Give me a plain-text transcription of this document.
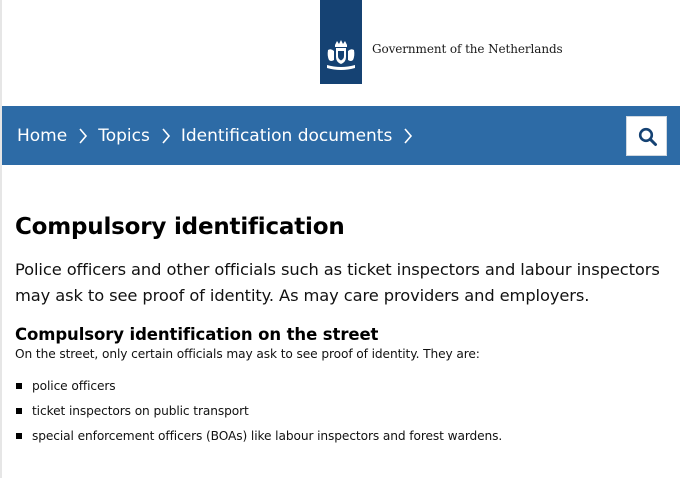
Government of the Netherlands
Home Topics Identification documents
Compulsory identification

Police officers and other officials such as ticket inspectors and labour inspectors may ask to see proof of identity. As may care providers and employers.

Compulsory identification on the street

On the street, only certain officials may ask to see proof of identity. They are:

police officers
ticket inspectors on public transport
special enforcement officers (BOAs) like labour inspectors and forest wardens.
